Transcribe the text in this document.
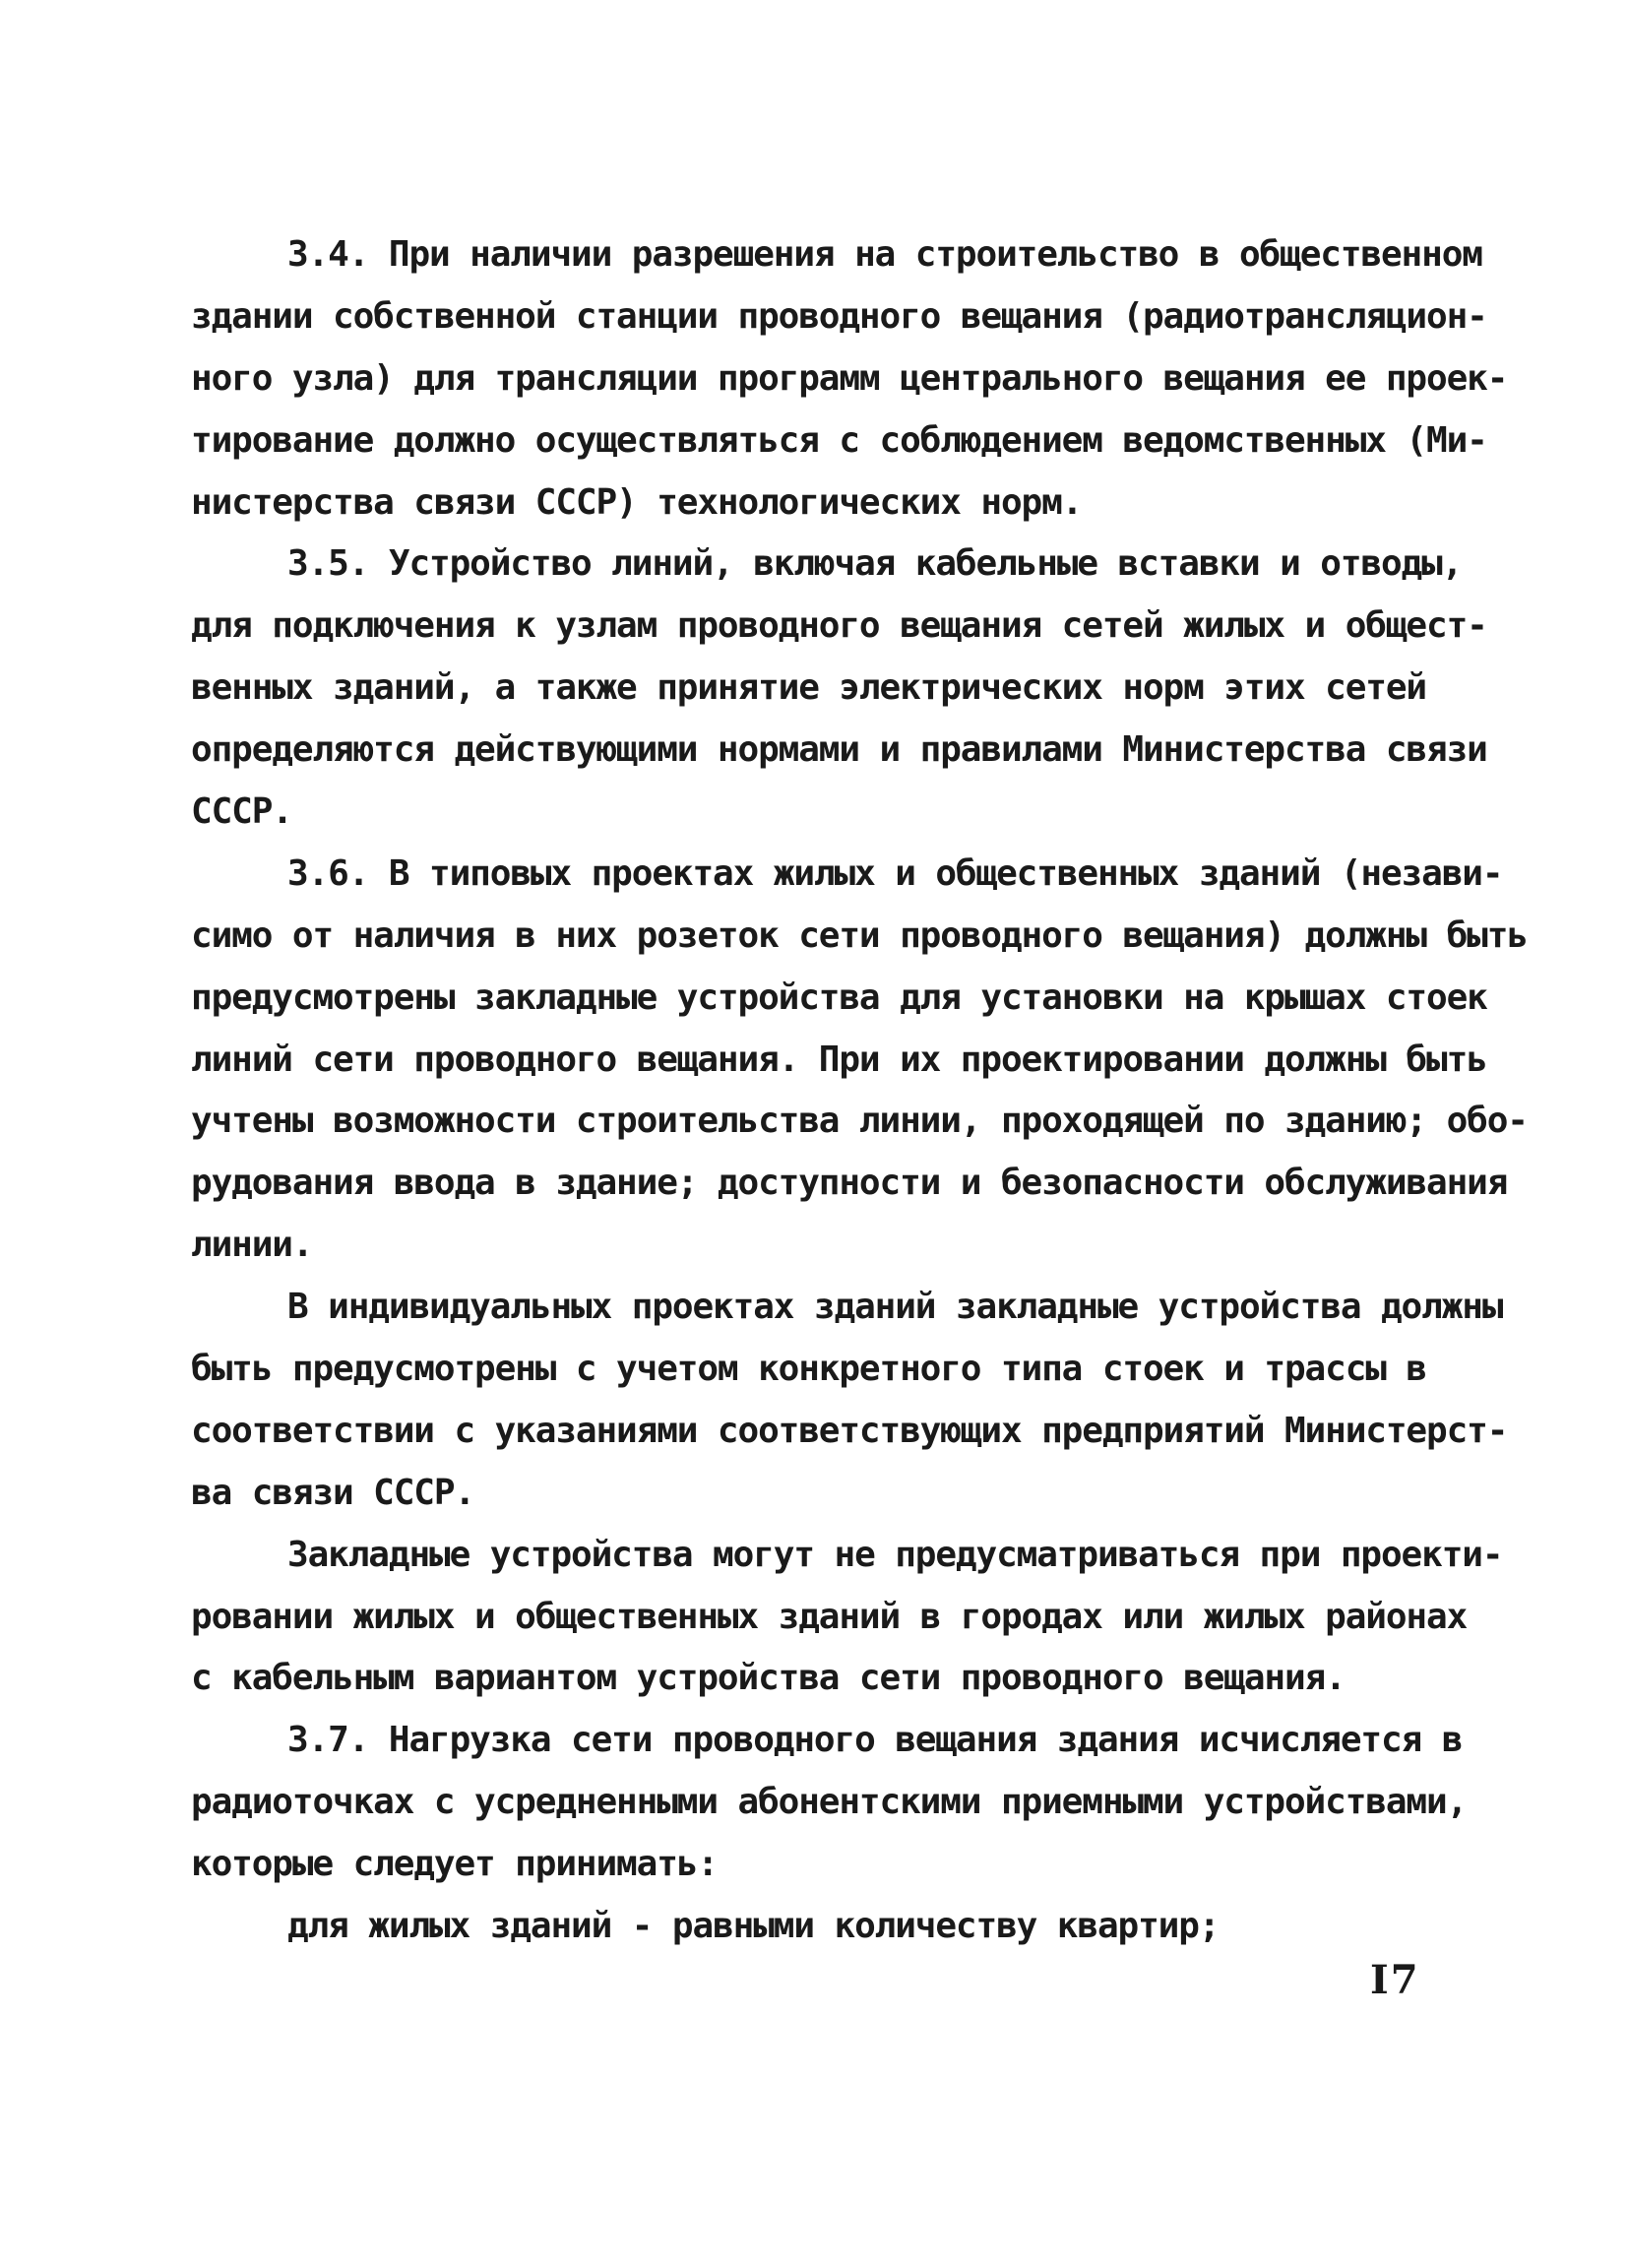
3.4. При наличии разрешения на строительство в общественном
здании собственной станции проводного вещания (радиотрансляцион-
ного узла) для трансляции программ центрального вещания ее проек-
тирование должно осуществляться с соблюдением ведомственных (Ми-
нистерства связи СССР) технологических норм.
3.5. Устройство линий, включая кабельные вставки и отводы,
для подключения к узлам проводного вещания сетей жилых и общест-
венных зданий, а также принятие электрических норм этих сетей
определяются действующими нормами и правилами Министерства связи
СССР.
3.6. В типовых проектах жилых и общественных зданий (незави-
симо от наличия в них розеток сети проводного вещания) должны быть
предусмотрены закладные устройства для установки на крышах стоек
линий сети проводного вещания. При их проектировании должны быть
учтены возможности строительства линии, проходящей по зданию; обо-
рудования ввода в здание; доступности и безопасности обслуживания
линии.
В индивидуальных проектах зданий закладные устройства должны
быть предусмотрены с учетом конкретного типа стоек и трассы в
соответствии с указаниями соответствующих предприятий Министерст-
ва связи СССР.
Закладные устройства могут не предусматриваться при проекти-
ровании жилых и общественных зданий в городах или жилых районах
с кабельным вариантом устройства сети проводного вещания.
3.7. Нагрузка сети проводного вещания здания исчисляется в
радиоточках с усредненными абонентскими приемными устройствами,
которые следует принимать:
для жилых зданий - равными количеству квартир;
I7
